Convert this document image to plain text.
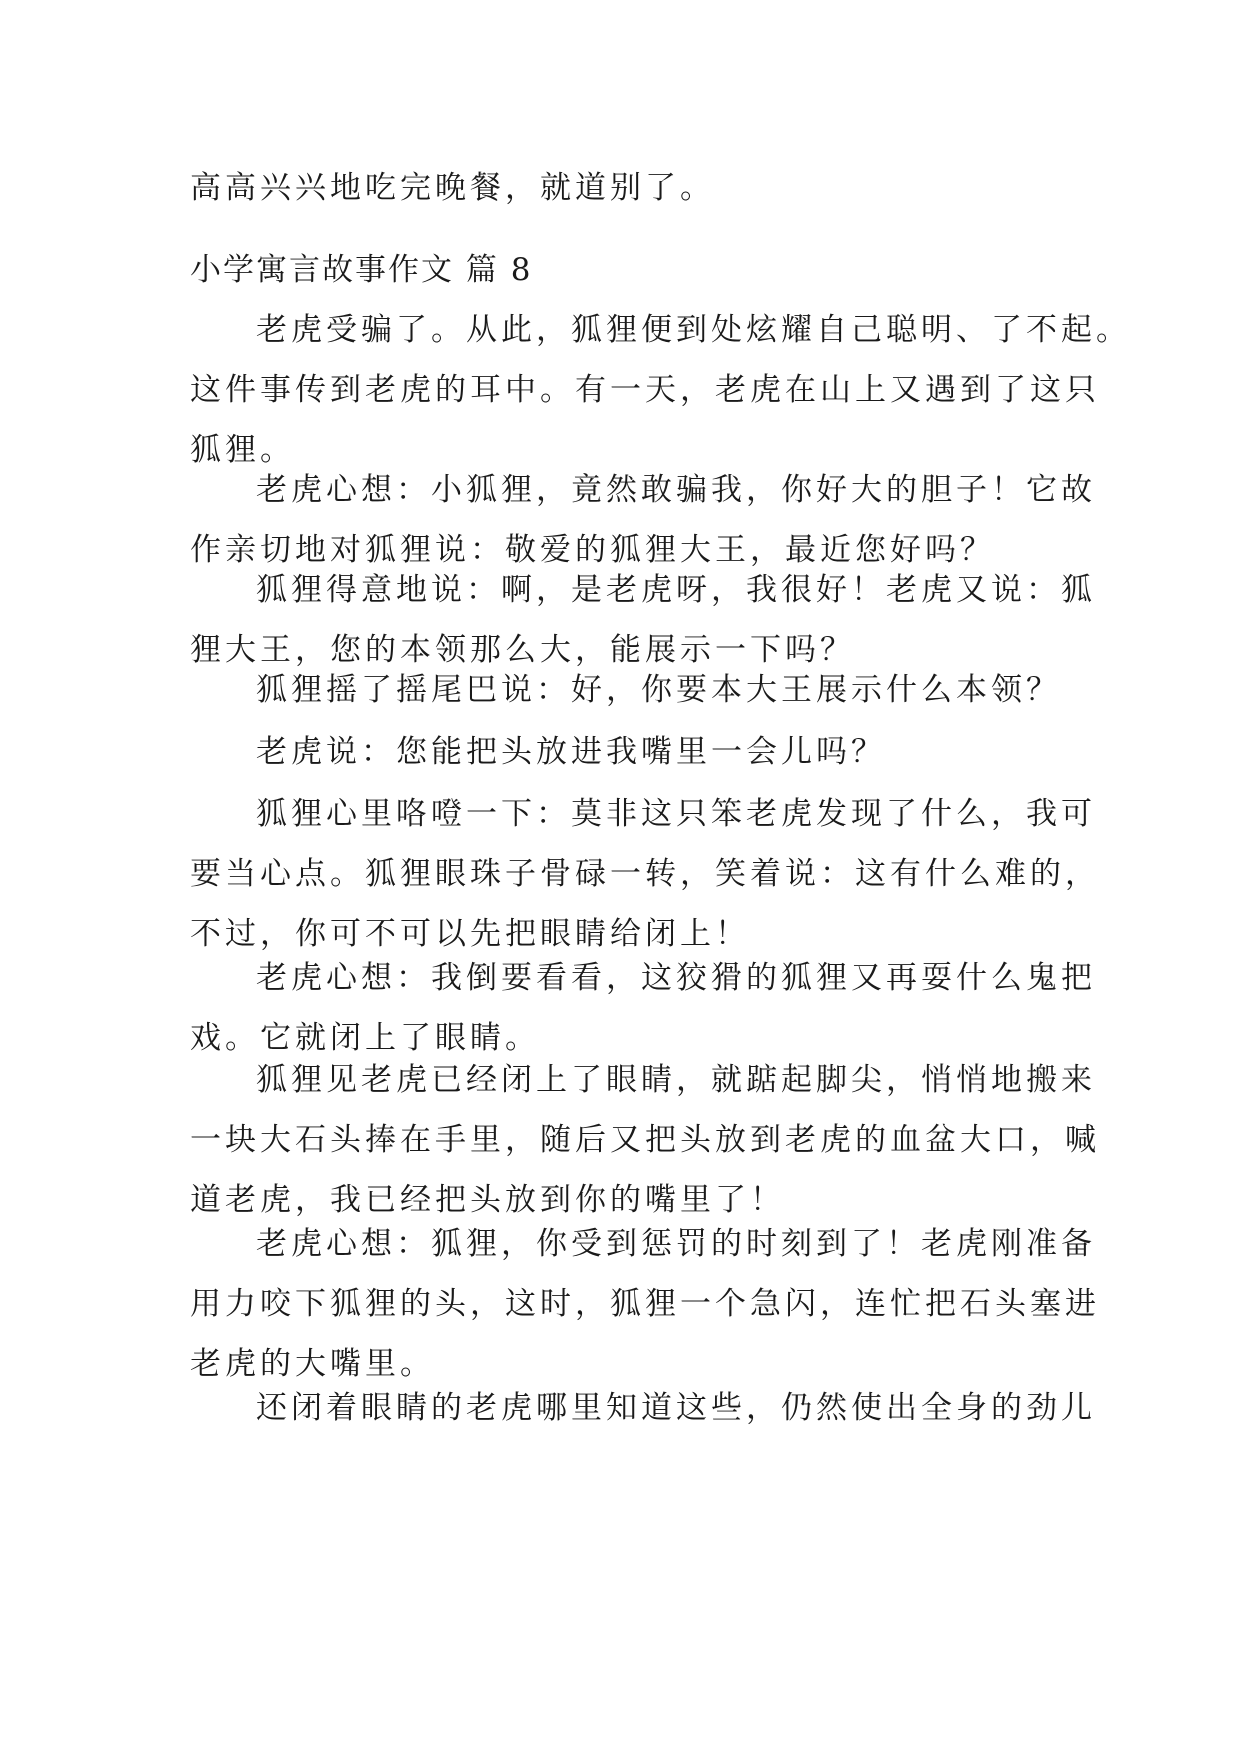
高高兴兴地吃完晚餐，就道别了。

小学寓言故事作文 篇 8

老虎受骗了。从此，狐狸便到处炫耀自己聪明、了不起。
这件事传到老虎的耳中。有一天，老虎在山上又遇到了这只
狐狸。

老虎心想：小狐狸，竟然敢骗我，你好大的胆子！它故
作亲切地对狐狸说：敬爱的狐狸大王，最近您好吗？

狐狸得意地说：啊，是老虎呀，我很好！老虎又说：狐
狸大王，您的本领那么大，能展示一下吗？

狐狸摇了摇尾巴说：好，你要本大王展示什么本领？

老虎说：您能把头放进我嘴里一会儿吗？

狐狸心里咯噔一下：莫非这只笨老虎发现了什么，我可
要当心点。狐狸眼珠子骨碌一转，笑着说：这有什么难的，
不过，你可不可以先把眼睛给闭上！

老虎心想：我倒要看看，这狡猾的狐狸又再耍什么鬼把
戏。它就闭上了眼睛。

狐狸见老虎已经闭上了眼睛，就踮起脚尖，悄悄地搬来
一块大石头捧在手里，随后又把头放到老虎的血盆大口，喊
道老虎，我已经把头放到你的嘴里了！

老虎心想：狐狸，你受到惩罚的时刻到了！老虎刚准备
用力咬下狐狸的头，这时，狐狸一个急闪，连忙把石头塞进
老虎的大嘴里。

还闭着眼睛的老虎哪里知道这些，仍然使出全身的劲儿
